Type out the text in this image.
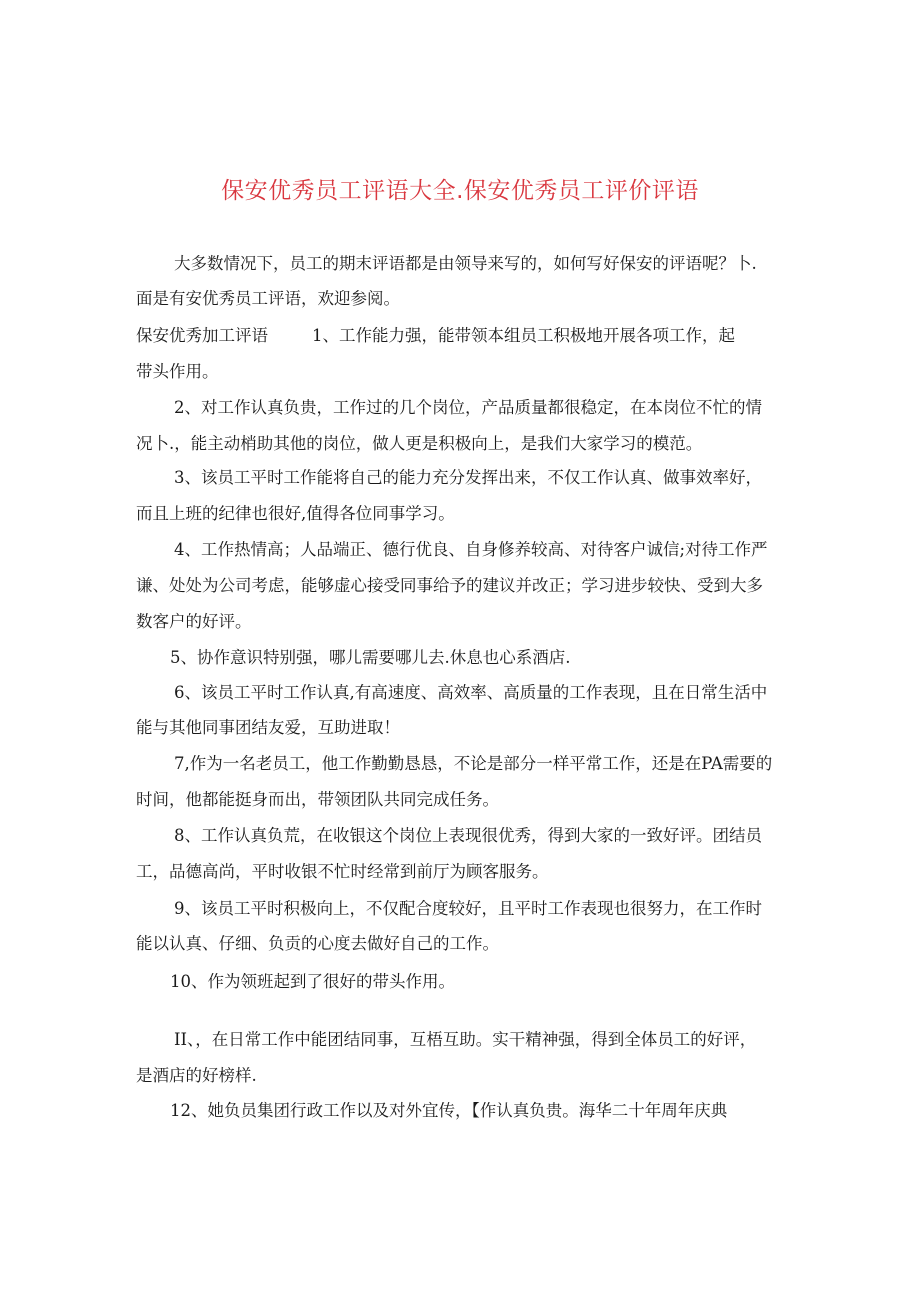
保安优秀员工评语大全.保安优秀员工评价评语
大多数情况下，员工的期末评语都是由领导来写的，如何写好保安的评语呢？卜.
面是有安优秀员工评语，欢迎参阅。
保安优秀加工评语	1、工作能力强，能带领本组员工积极地开展各项工作，起
带头作用。
2、对工作认真负贵，工作过的几个岗位，产品质量都很稳定，在本岗位不忙的情
况卜.，能主动梢助其他的岗位，做人更是积极向上，是我们大家学习的模范。
3、该员工平时工作能将自己的能力充分发挥出来，不仅工作认真、做事效率好，
而且上班的纪律也很好,值得各位同事学习。
4、工作热情高；人品端正、德行优良、自身修养较高、对待客户诚信;对待工作严
谦、处处为公司考虑，能够虚心接受同事给予的建议并改正；学习进步较快、受到大多
数客户的好评。
5、协作意识特别强，哪儿需要哪儿去.休息也心系酒店.
6、该员工平时工作认真,有高速度、高效率、高质量的工作表现，且在日常生活中
能与其他同事团结友爱，互助进取！
7,作为一名老员工，他工作勤勤恳恳，不论是部分一样平常工作，还是在PA需要的
时间，他都能挺身而出，带领团队共同完成任务。
8、工作认真负荒，在收银这个岗位上表现很优秀，得到大家的一致好评。团结员
工，品德高尚，平时收银不忙时经常到前厅为顾客服务。
9、该员工平时积极向上，不仅配合度较好，且平时工作表现也很努力，在工作时
能以认真、仔细、负贡的心度去做好自己的工作。
10、作为领班起到了很好的带头作用。
II、，在日常工作中能团结同事，互梧互助。实干精神强，得到全体员工的好评，
是酒店的好榜样.
12、她负员集团行政工作以及对外宜传，【作认真负贵。海华二十年周年庆典
